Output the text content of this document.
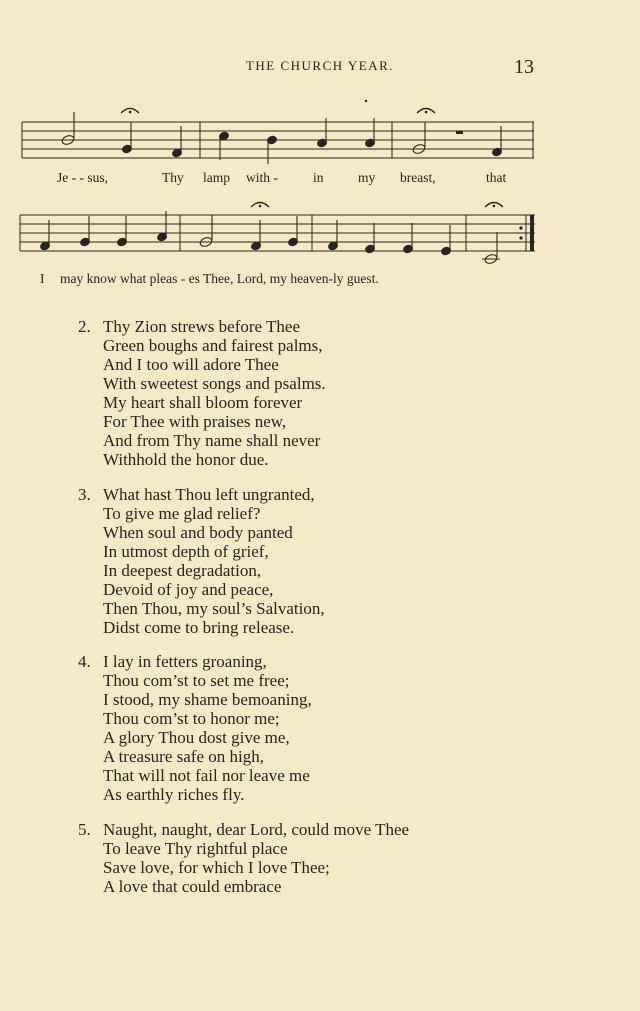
THE CHURCH YEAR.	13

Je - - sus,

	Thy

lamp

with -

	in

	my

breast,

	that

I

may know what pleas - es Thee, Lord, my heaven-ly guest.

2. Thy Zion strews before Thee
Green boughs and fairest palms,
And I too will adore Thee
With sweetest songs and psalms.
My heart shall bloom forever
For Thee with praises new,
And from Thy name shall never
Withhold the honor due.
3. What hast Thou left ungranted,
To give me glad relief?
When soul and body panted
In utmost depth of grief,
In deepest degradation,
Devoid of joy and peace,
Then Thou, my soul’s Salvation,
Didst come to bring release.
4. I lay in fetters groaning,
Thou com’st to set me free;
I stood, my shame bemoaning,
Thou com’st to honor me;
A glory Thou dost give me,
A treasure safe on high,
That will not fail nor leave me
As earthly riches fly.
5. Naught, naught, dear Lord, could move Thee
To leave Thy rightful place
Save love, for which I love Thee;
A love that could embrace
